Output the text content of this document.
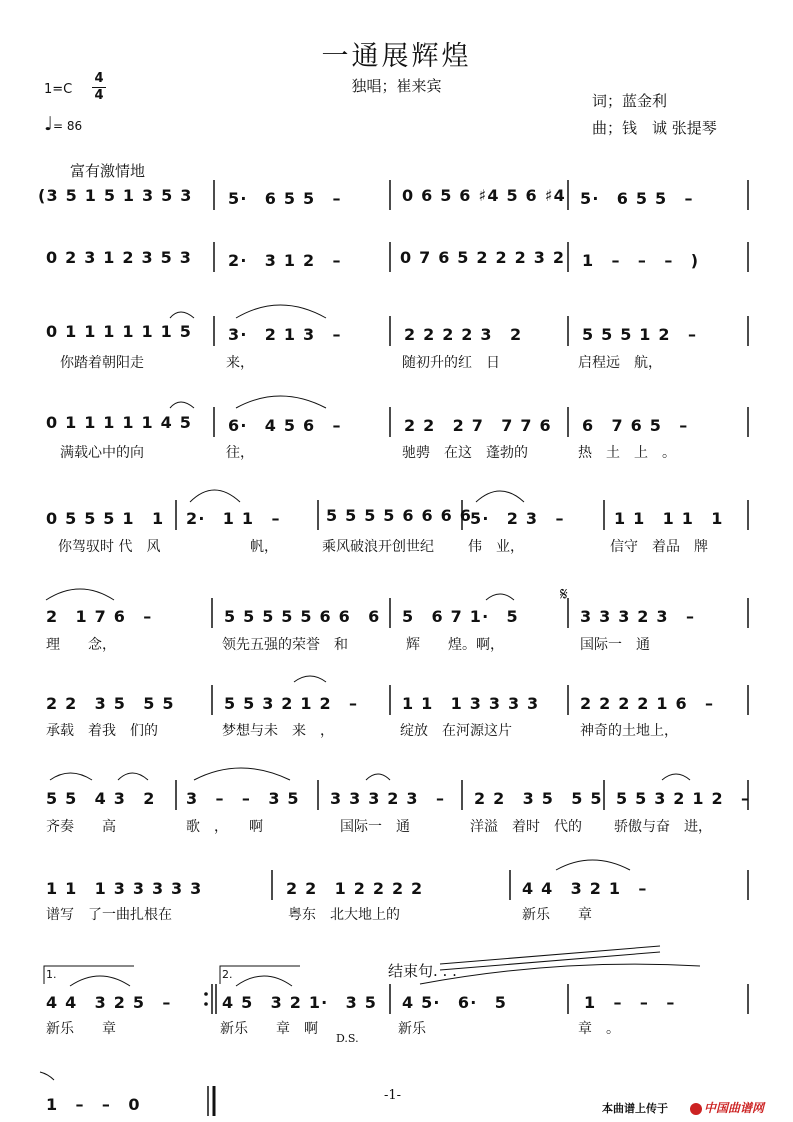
一通展辉煌
独唱；崔来宾
词；蓝金利
曲；钱　诚 张提琴
1=C
4
4
♩= 86
富有激情地
(3 5 1 5 1 3 5 3 5·　6 5 5　–	0 6 5 6 ♯4 5 6 ♯4 5·　6 5 5　–
0 2 3 1 2 3 5 3 2·　3 1 2　–	0 7 6 5 2 2 2 3 2 1　–　–　–　)
0 1 1 1 1 1 1 5 3·　2 1 3　–	2 2 2 2 3　2	5 5 5 1 2　–
你踏着朝阳走	来，	随初升的红　日	启程远　航，
0 1 1 1 1 1 4 5 6·　4 5 6　–	2 2　2 7　7 7 6 6　7 6 5　–
满载心中的向	往，	驰骋　在这　蓬勃的	热　土　上　。
0 5 5 5 1　1 2·　1 1　–	5 5 5 5 6 6 6 6
5·　2 3　–	1 1　1 1　1
你驾驭时 代　风	帆，	乘风破浪开创世纪 伟　业，	信守　着品　牌
2　1 7 6　–	5 5 5 5 5 6 6　6 5　6 7 1·　5	3 3 3 2 3　–
𝄋
理　　念，	领先五强的荣誉　和	辉　　煌。啊，	国际一　通
2 2　3 5　5 5	5 5 3 2 1 2　–	1 1　1 3 3 3 3	2 2 2 2 1 6　–
承载　着我　们的	梦想与未　来　，	绽放　在河源这片	神奇的土地上，
5 5　4 3　2 3　–　–　3 5 3 3 3 2 3　– 2 2　3 5　5 5 5 5 3 2 1 2　–
齐奏　　高	歌　，　　啊	国际一　通	洋溢　着时　代的 骄傲与奋　进，
1 1　1 3 3 3 3 3	2 2　1 2 2 2 2	4 4　3 2 1　–
谱写　了一曲扎根在	粤东　北大地上的	新乐　　章
结束句. . .
1.	2.
4 4　3 2 5　–	4 5　3 2 1·　3 5 4 5·　6·　5	1　–　–　–
新乐　　章	新乐　　章　啊	新乐	章　。
D.S.
1　–　–　0	-1-
本曲谱上传于	中国曲谱网
